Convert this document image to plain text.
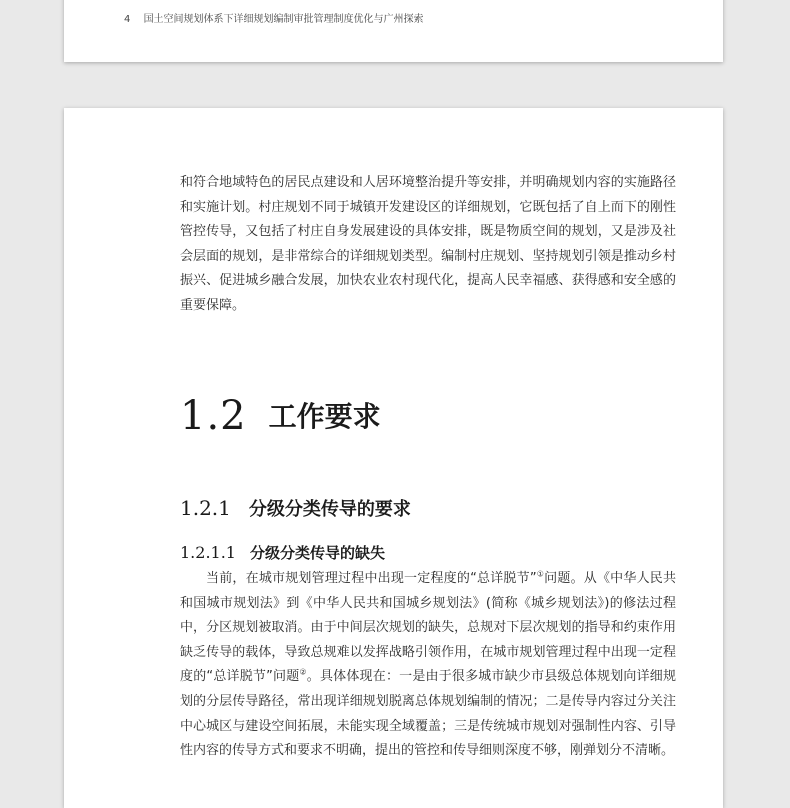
4 国土空间规划体系下详细规划编制审批管理制度优化与广州探索

和符合地域特色的居民点建设和人居环境整治提升等安排，并明确规划内容的实施路径和实施计划。村庄规划不同于城镇开发建设区的详细规划，它既包括了自上而下的刚性管控传导，又包括了村庄自身发展建设的具体安排，既是物质空间的规划，又是涉及社会层面的规划，是非常综合的详细规划类型。编制村庄规划、坚持规划引领是推动乡村振兴、促进城乡融合发展，加快农业农村现代化，提高人民幸福感、获得感和安全感的重要保障。

1.2 工作要求
1.2.1 分级分类传导的要求
1.2.1.1 分级分类传导的缺失

当前，在城市规划管理过程中出现一定程度的“总详脱节”①问题。从《中华人民共和国城市规划法》到《中华人民共和国城乡规划法》(简称《城乡规划法》)的修法过程中，分区规划被取消。由于中间层次规划的缺失，总规对下层次规划的指导和约束作用缺乏传导的载体，导致总规难以发挥战略引领作用，在城市规划管理过程中出现一定程度的“总详脱节”问题②。具体体现在：一是由于很多城市缺少市县级总体规划向详细规划的分层传导路径，常出现详细规划脱离总体规划编制的情况；二是传导内容过分关注中心城区与建设空间拓展，未能实现全域覆盖；三是传统城市规划对强制性内容、引导性内容的传导方式和要求不明确，提出的管控和传导细则深度不够，刚弹划分不清晰。
